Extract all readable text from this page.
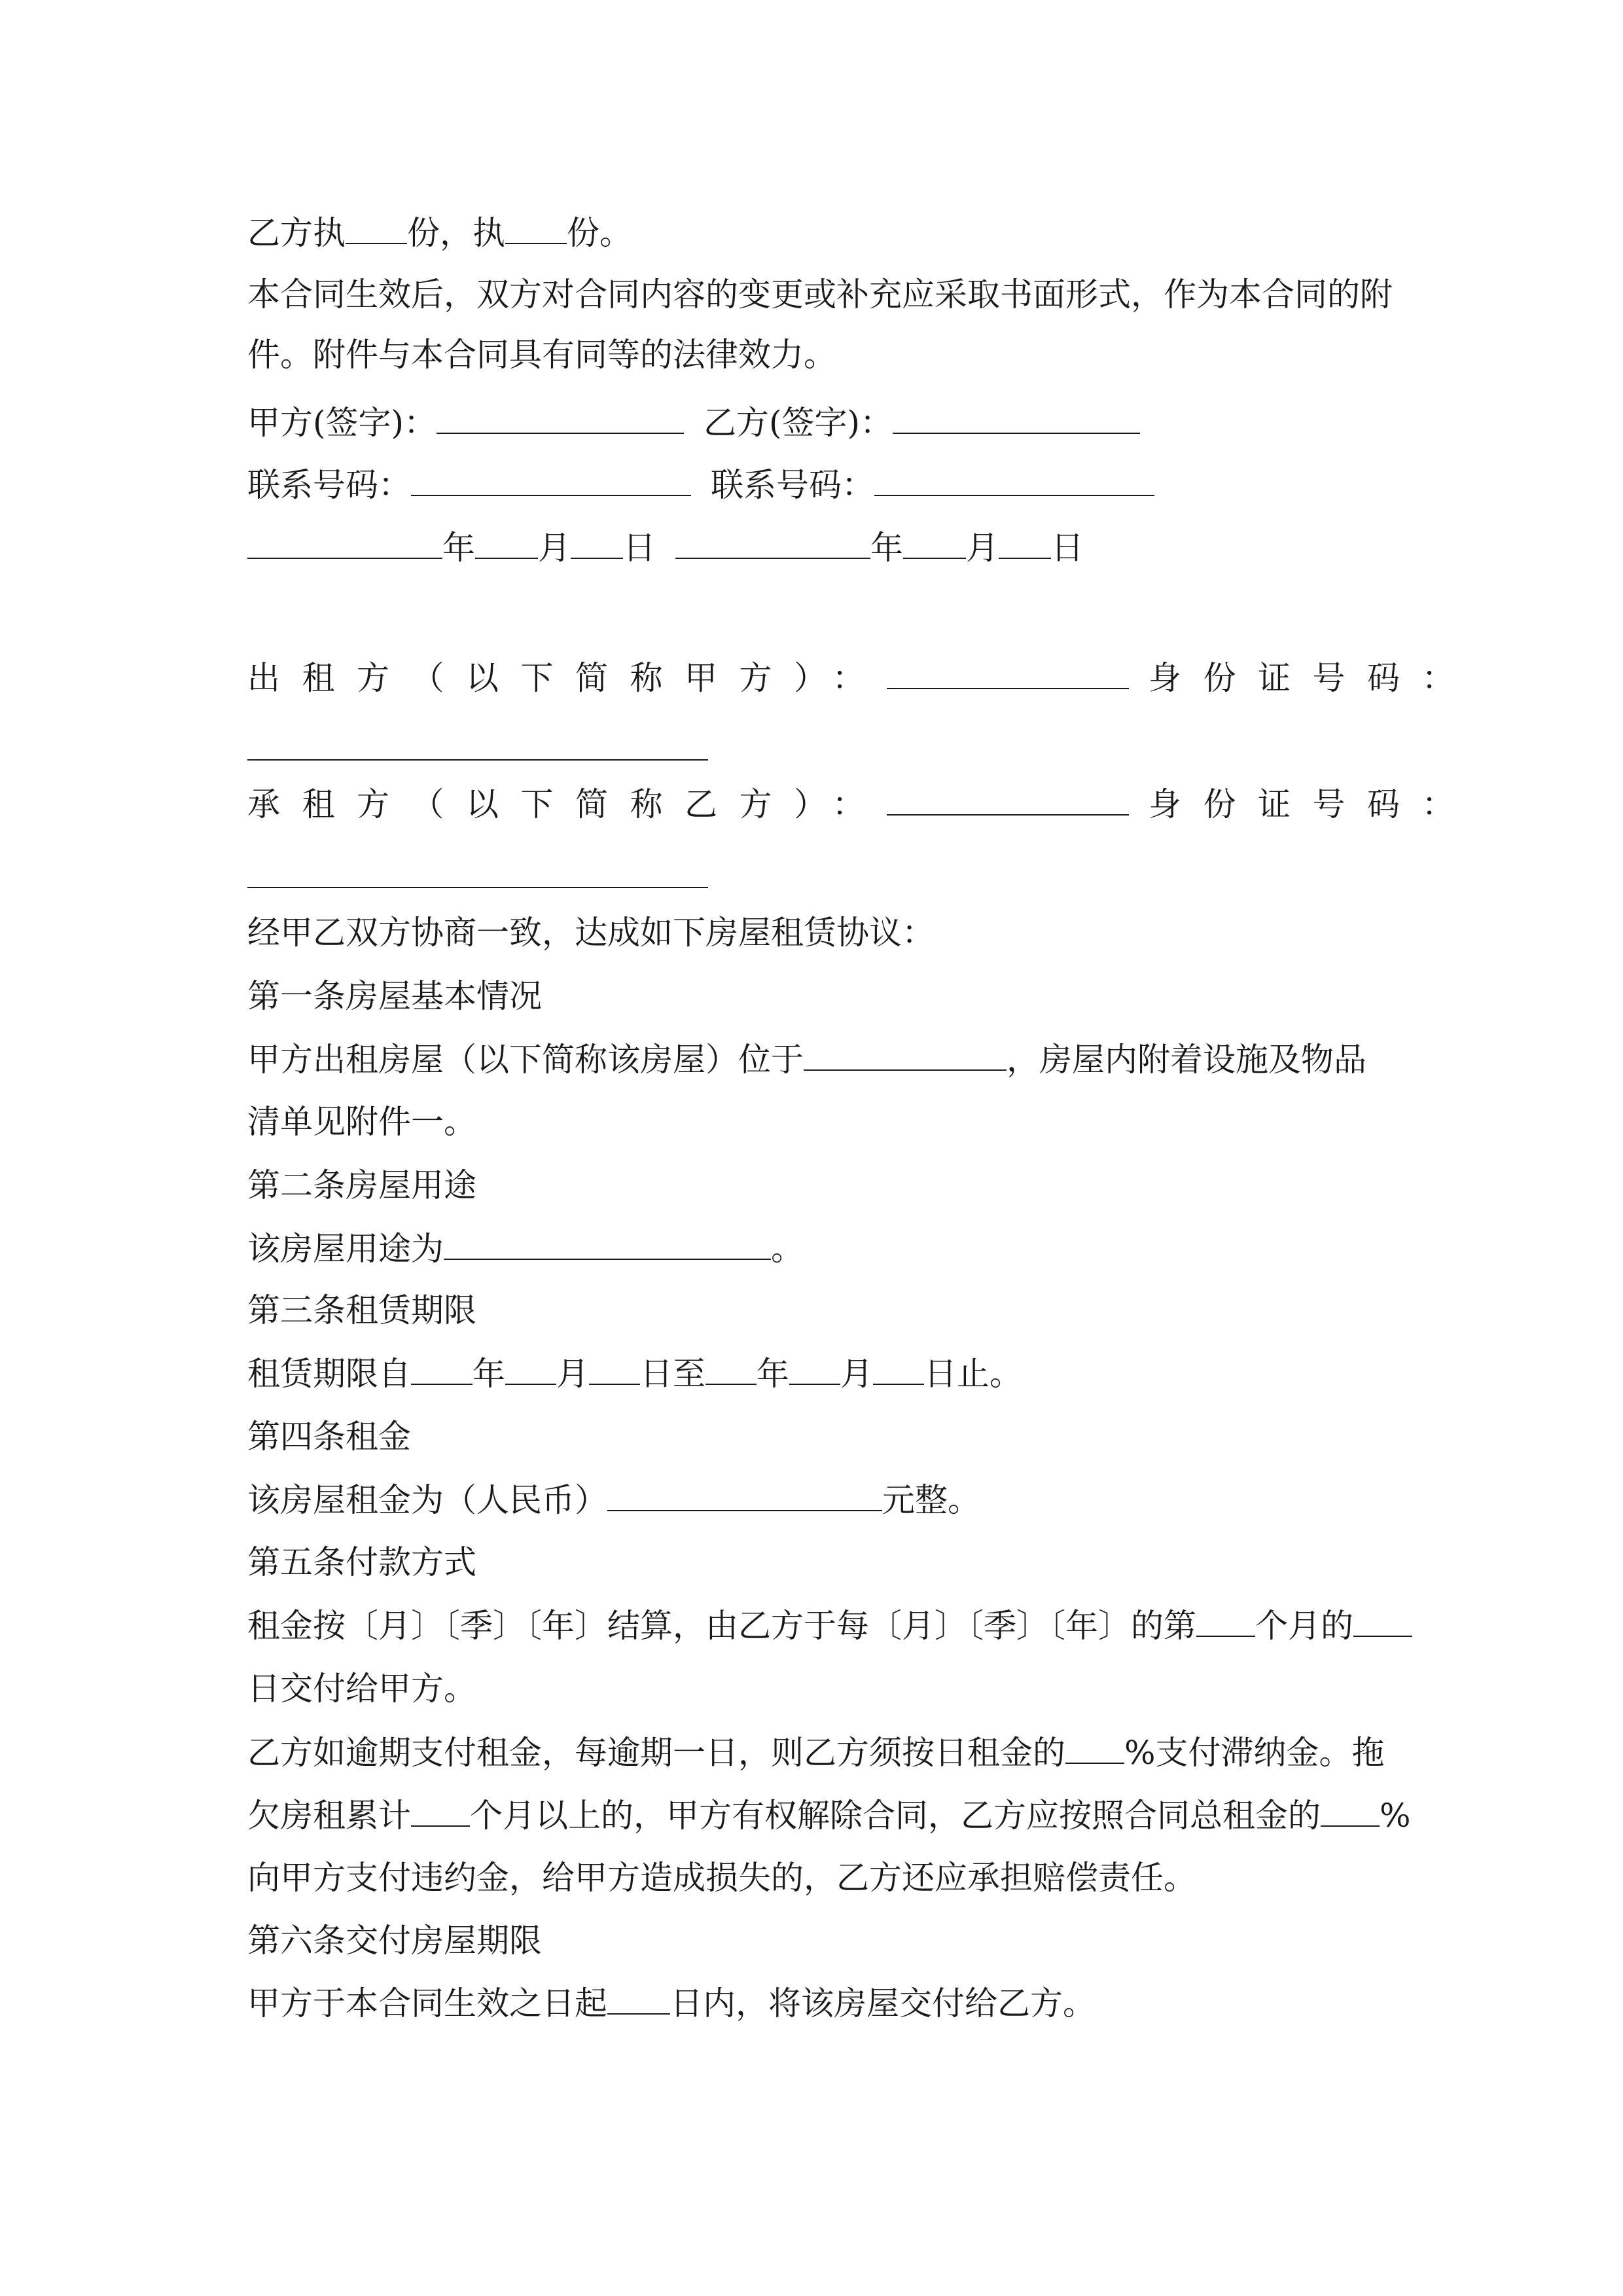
乙方执 份，执 份。

本合同生效后，双方对合同内容的变更或补充应采取书面形式，作为本合同的附

件。附件与本合同具有同等的法律效力。

甲方(签字)：	乙方(签字)：

联系号码：	联系号码：

年 月 日	年 月 日

出租方（以下简称甲方）：	身份证号码：

承租方（以下简称乙方）：	身份证号码：

经甲乙双方协商一致，达成如下房屋租赁协议：

第一条房屋基本情况

甲方出租房屋（以下简称该房屋）位于	，房屋内附着设施及物品

清单见附件一。

第二条房屋用途

该房屋用途为	。

第三条租赁期限

租赁期限自 年 月 日至 年 月 日止。

第四条租金

该房屋租金为（人民币）	元整。

第五条付款方式

租金按〔月〕〔季〕〔年〕结算，由乙方于每〔月〕〔季〕〔年〕的第 个月的

日交付给甲方。

乙方如逾期支付租金，每逾期一日，则乙方须按日租金的 %支付滞纳金。拖

欠房租累计 个月以上的，甲方有权解除合同，乙方应按照合同总租金的 %

向甲方支付违约金，给甲方造成损失的，乙方还应承担赔偿责任。

第六条交付房屋期限

甲方于本合同生效之日起 日内，将该房屋交付给乙方。
